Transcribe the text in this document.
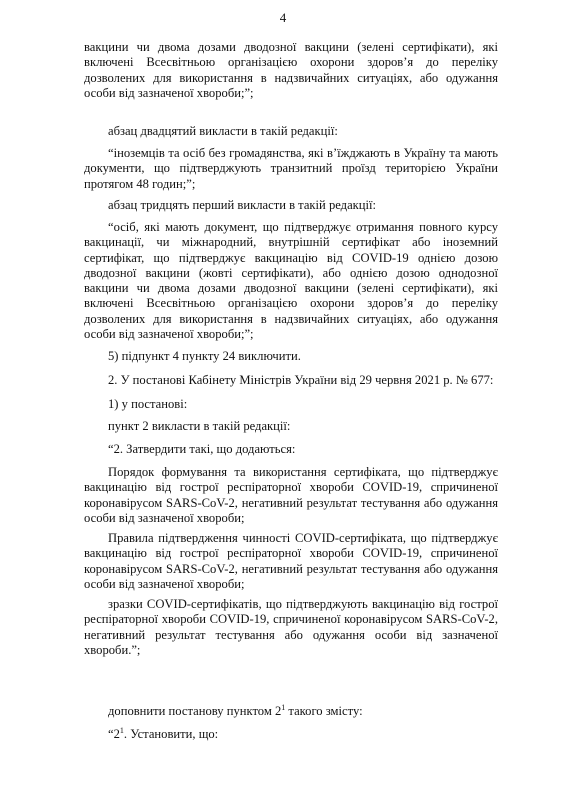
4

вакцини чи двома дозами дводозної вакцини (зелені сертифікати), які включені Всесвітньою організацією охорони здоров’я до переліку дозволених для використання в надзвичайних ситуаціях, або одужання особи від зазначеної хвороби;”;

абзац двадцятий викласти в такій редакції:

“іноземців та осіб без громадянства, які в’їжджають в Україну та мають документи, що підтверджують транзитний проїзд територією України протягом 48 годин;”;

абзац тридцять перший викласти в такій редакції:

“осіб, які мають документ, що підтверджує отримання повного курсу вакцинації, чи міжнародний, внутрішній сертифікат або іноземний сертифікат, що підтверджує вакцинацію від COVID-19 однією дозою дводозної вакцини (жовті сертифікати), або однією дозою однодозної вакцини чи двома дозами дводозної вакцини (зелені сертифікати), які включені Всесвітньою організацією охорони здоров’я до переліку дозволених для використання в надзвичайних ситуаціях, або одужання особи від зазначеної хвороби;”;

5) підпункт 4 пункту 24 виключити.

2. У постанові Кабінету Міністрів України від 29 червня 2021 р. № 677:

1) у постанові:

пункт 2 викласти в такій редакції:

“2. Затвердити такі, що додаються:

Порядок формування та використання сертифіката, що підтверджує вакцинацію від гострої респіраторної хвороби COVID-19, спричиненої коронавірусом SARS-CoV-2, негативний результат тестування або одужання особи від зазначеної хвороби;

Правила підтвердження чинності COVID-сертифіката, що підтверджує вакцинацію від гострої респіраторної хвороби COVID-19, спричиненої коронавірусом SARS-CoV-2, негативний результат тестування або одужання особи від зазначеної хвороби;

зразки COVID-сертифікатів, що підтверджують вакцинацію від гострої респіраторної хвороби COVID-19, спричиненої коронавірусом SARS-CoV-2, негативний результат тестування або одужання особи від зазначеної хвороби.”;

доповнити постанову пунктом $2^1$ такого змісту:

“$2^1$. Установити, що:
